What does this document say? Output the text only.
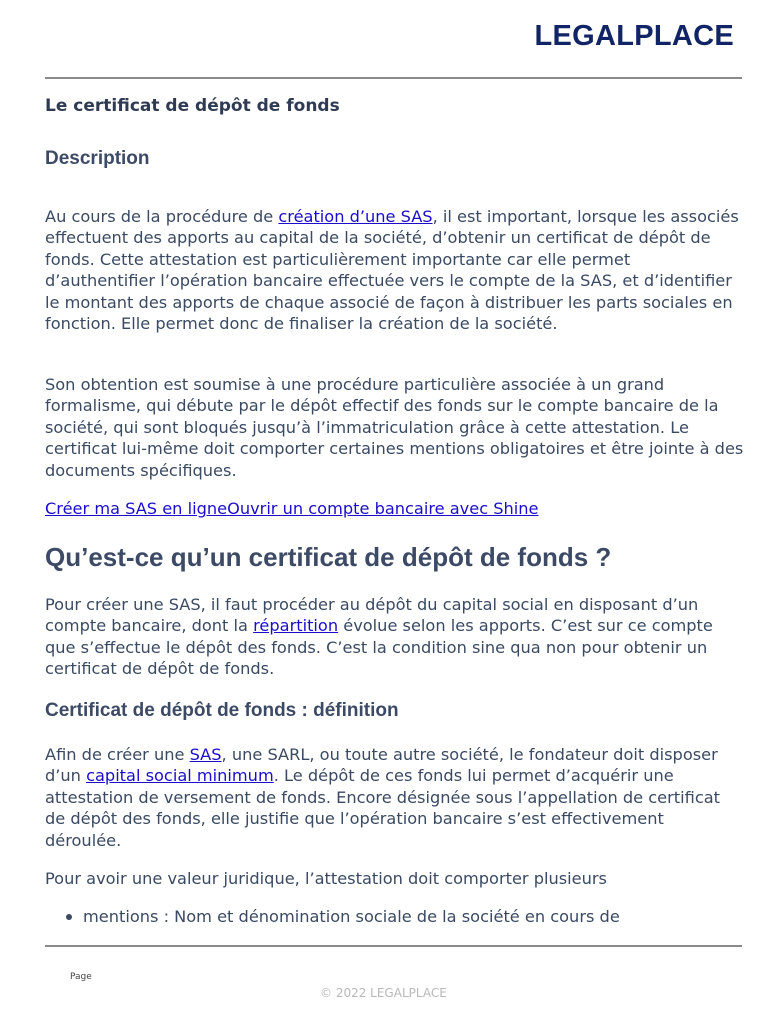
LEGALPLACE
Le certificat de dépôt de fonds
Description

Au cours de la procédure de création d’une SAS, il est important, lorsque les associés effectuent des apports au capital de la société, d’obtenir un certificat de dépôt de fonds. Cette attestation est particulièrement importante car elle permet d’authentifier l’opération bancaire effectuée vers le compte de la SAS, et d’identifier le montant des apports de chaque associé de façon à distribuer les parts sociales en fonction. Elle permet donc de finaliser la création de la société.

Son obtention est soumise à une procédure particulière associée à un grand formalisme, qui débute par le dépôt effectif des fonds sur le compte bancaire de la société, qui sont bloqués jusqu’à l’immatriculation grâce à cette attestation. Le certificat lui-même doit comporter certaines mentions obligatoires et être jointe à des documents spécifiques.

Créer ma SAS en ligneOuvrir un compte bancaire avec Shine

Qu’est-ce qu’un certificat de dépôt de fonds ?

Pour créer une SAS, il faut procéder au dépôt du capital social en disposant d’un compte bancaire, dont la répartition évolue selon les apports. C’est sur ce compte que s’effectue le dépôt des fonds. C’est la condition sine qua non pour obtenir un certificat de dépôt de fonds.

Certificat de dépôt de fonds : définition

Afin de créer une SAS, une SARL, ou toute autre société, le fondateur doit disposer d’un capital social minimum. Le dépôt de ces fonds lui permet d’acquérir une attestation de versement de fonds. Encore désignée sous l’appellation de certificat de dépôt des fonds, elle justifie que l’opération bancaire s’est effectivement déroulée.

Pour avoir une valeur juridique, l’attestation doit comporter plusieurs

mentions : Nom et dénomination sociale de la société en cours de
Page
© 2022 LEGALPLACE
